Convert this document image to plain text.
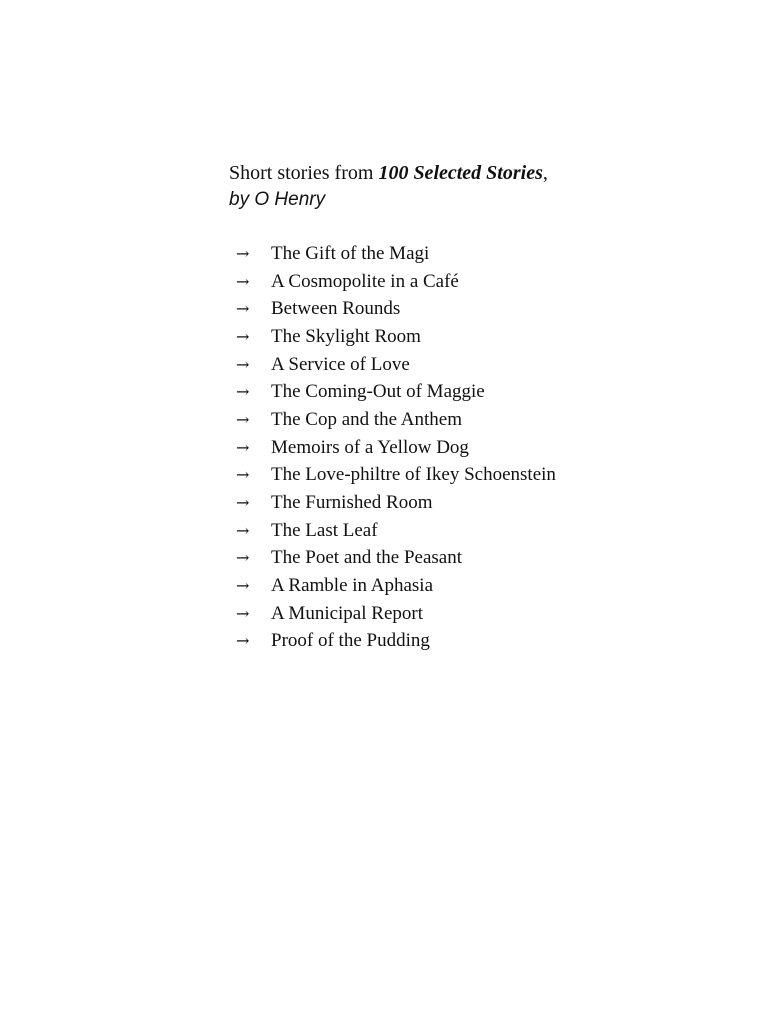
Short stories from 100 Selected Stories,
by O Henry
→	The Gift of the Magi
→	A Cosmopolite in a Café
→	Between Rounds
→	The Skylight Room
→	A Service of Love
→	The Coming-Out of Maggie
→	The Cop and the Anthem
→	Memoirs of a Yellow Dog
→	The Love-philtre of Ikey Schoenstein
→	The Furnished Room
→	The Last Leaf
→	The Poet and the Peasant
→	A Ramble in Aphasia
→	A Municipal Report
→	Proof of the Pudding
